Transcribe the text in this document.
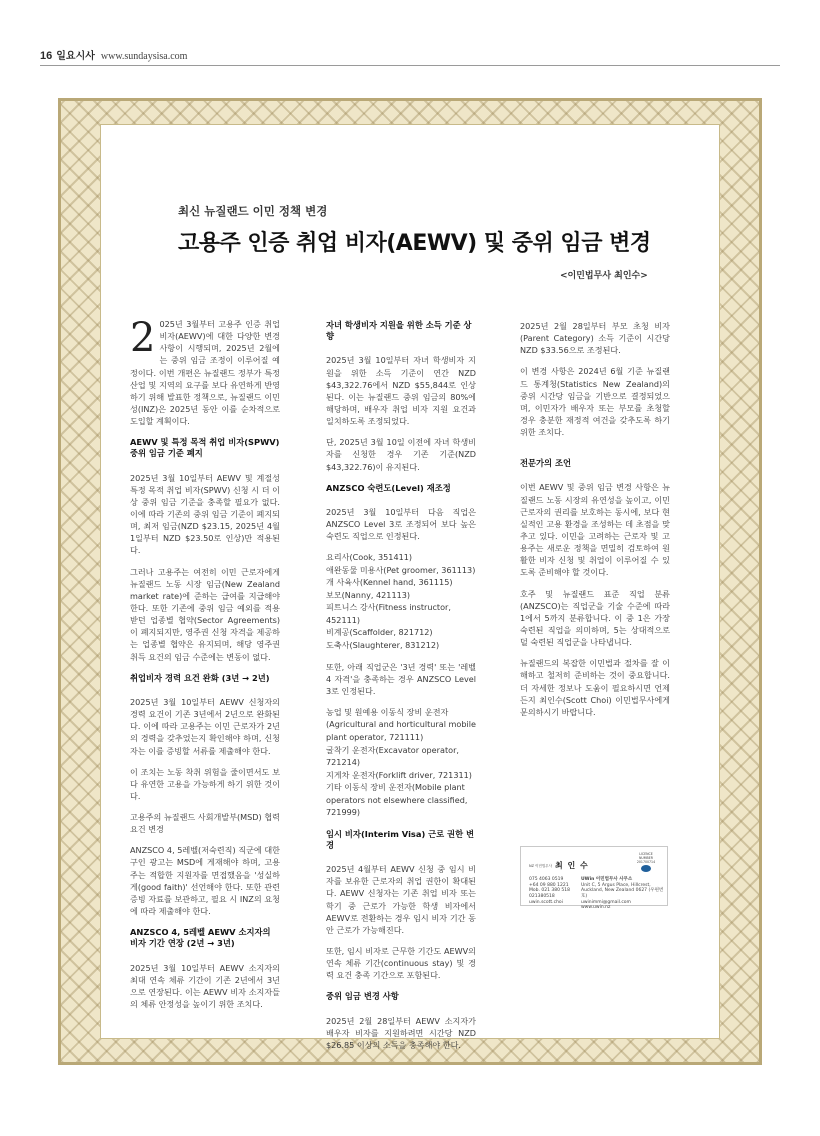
16 일요시사 www.sundaysisa.com
최신 뉴질랜드 이민 정책 변경
고용주 인증 취업 비자(AEWV) 및 중위 임금 변경
<이민법무사 최인수>

2 025년 3월부터 고용주 인증 취업 비자(AEWV)에 대한 다양한 변경 사항이 시행되며, 2025년 2월에는 중위 임금 조정이 이루어질 예정이다. 이번 개편은 뉴질랜드 정부가 특정 산업 및 지역의 요구를 보다 유연하게 반영하기 위해 발표한 정책으로, 뉴질랜드 이민성(INZ)은 2025년 동안 이를 순차적으로 도입할 계획이다.

AEWV 및 특정 목적 취업 비자(SPWV) 중위 임금 기준 폐지

2025년 3월 10일부터 AEWV 및 계절성 특정 목적 취업 비자(SPWV) 신청 시 더 이상 중위 임금 기준을 충족할 필요가 없다. 이에 따라 기존의 중위 임금 기준이 폐지되며, 최저 임금(NZD $23.15, 2025년 4월 1일부터 NZD $23.50로 인상)만 적용된다.

그러나 고용주는 여전히 이민 근로자에게 뉴질랜드 노동 시장 임금(New Zealand market rate)에 준하는 급여를 지급해야 한다. 또한 기존에 중위 임금 예외를 적용 받던 업종별 협약(Sector Agreements)이 폐지되지만, 영주권 신청 자격을 제공하는 업종별 협약은 유지되며, 해당 영주권 취득 요건의 임금 수준에는 변동이 없다.

취업비자 경력 요건 완화 (3년 → 2년)

2025년 3월 10일부터 AEWV 신청자의 경력 요건이 기존 3년에서 2년으로 완화된다. 이에 따라 고용주는 이민 근로자가 2년의 경력을 갖추었는지 확인해야 하며, 신청자는 이를 증빙할 서류를 제출해야 한다.

이 조치는 노동 착취 위험을 줄이면서도 보다 유연한 고용을 가능하게 하기 위한 것이다.

고용주의 뉴질랜드 사회개발부(MSD) 협력 요건 변경

ANZSCO 4, 5레벨(저숙련직) 직군에 대한 구인 광고는 MSD에 게재해야 하며, 고용주는 적합한 지원자를 면접했음을 '성실하게(good faith)' 선언해야 한다. 또한 관련 증빙 자료를 보관하고, 필요 시 INZ의 요청에 따라 제출해야 한다.

ANZSCO 4, 5레벨 AEWV 소지자의 비자 기간 연장 (2년 → 3년)

2025년 3월 10일부터 AEWV 소지자의 최대 연속 체류 기간이 기존 2년에서 3년으로 연장된다. 이는 AEWV 비자 소지자들의 체류 안정성을 높이기 위한 조치다.

자녀 학생비자 지원을 위한 소득 기준 상향

2025년 3월 10일부터 자녀 학생비자 지원을 위한 소득 기준이 연간 NZD $43,322.76에서 NZD $55,844로 인상된다. 이는 뉴질랜드 중위 임금의 80%에 해당하며, 배우자 취업 비자 지원 요건과 일치하도록 조정되었다.

단, 2025년 3월 10일 이전에 자녀 학생비자를 신청한 경우 기존 기준(NZD $43,322.76)이 유지된다.

ANZSCO 숙련도(Level) 재조정

2025년 3월 10일부터 다음 직업은 ANZSCO Level 3로 조정되어 보다 높은 숙련도 직업으로 인정된다.

요리사(Cook, 351411)
애완동물 미용사(Pet groomer, 361113)
개 사육사(Kennel hand, 361115)
보모(Nanny, 421113)
피트니스 강사(Fitness instructor, 452111)
비계공(Scaffolder, 821712)
도축사(Slaughterer, 831212)

또한, 아래 직업군은 '3년 경력' 또는 '레벨 4 자격'을 충족하는 경우 ANZSCO Level 3로 인정된다.

농업 및 원예용 이동식 장비 운전자(Agricultural and horticultural mobile plant operator, 721111)
굴착기 운전자(Excavator operator, 721214)
지게차 운전자(Forklift driver, 721311)
기타 이동식 장비 운전자(Mobile plant operators not elsewhere classified, 721999)
임시 비자(Interim Visa) 근로 권한 변경

2025년 4월부터 AEWV 신청 중 임시 비자를 보유한 근로자의 취업 권한이 확대된다. AEWV 신청자는 기존 취업 비자 또는 학기 중 근로가 가능한 학생 비자에서 AEWV로 전환하는 경우 임시 비자 기간 동안 근로가 가능해진다.

또한, 임시 비자로 근무한 기간도 AEWV의 연속 체류 기간(continuous stay) 및 경력 요건 충족 기간으로 포함된다.

중위 임금 변경 사항

2025년 2월 28일부터 AEWV 소지자가 배우자 비자를 지원하려면 시간당 NZD $26.85 이상의 소득을 충족해야 한다.

2025년 2월 28일부터 부모 초청 비자(Parent Category) 소득 기준이 시간당 NZD $33.56으로 조정된다.

이 변경 사항은 2024년 6월 기준 뉴질랜드 통계청(Statistics New Zealand)의 중위 시간당 임금을 기반으로 결정되었으며, 이민자가 배우자 또는 부모를 초청할 경우 충분한 재정적 여건을 갖추도록 하기 위한 조치다.

전문가의 조언

이번 AEWV 및 중위 임금 변경 사항은 뉴질랜드 노동 시장의 유연성을 높이고, 이민 근로자의 권리를 보호하는 동시에, 보다 현실적인 고용 환경을 조성하는 데 초점을 맞추고 있다. 이민을 고려하는 근로자 및 고용주는 새로운 정책을 면밀히 검토하여 원활한 비자 신청 및 취업이 이루어질 수 있도록 준비해야 할 것이다.

호주 및 뉴질랜드 표준 직업 분류(ANZSCO)는 직업군을 기술 수준에 따라 1에서 5까지 분류합니다. 이 중 1은 가장 숙련된 직업을 의미하며, 5는 상대적으로 덜 숙련된 직업군을 나타냅니다.

뉴질랜드의 복잡한 이민법과 절차를 잘 이해하고 철저히 준비하는 것이 중요합니다. 더 자세한 정보나 도움이 필요하시면 언제든지 최인수(Scott Choi) 이민법무사에게 문의하시기 바랍니다.

LICENCE NUMBER
201700714
NZ 이민법무사 최 인 수
075 4063 0519
+64 09 880 1221
Mob. 021 380 518
021380518
uwin.scott.choi
UWin 이민법무사 사무소
Unit C, 5 Argus Place, Hillcrest,
Auckland, New Zealand 0627 (우편번호)
uwinimmi@gmail.com
www.uwin.nz
